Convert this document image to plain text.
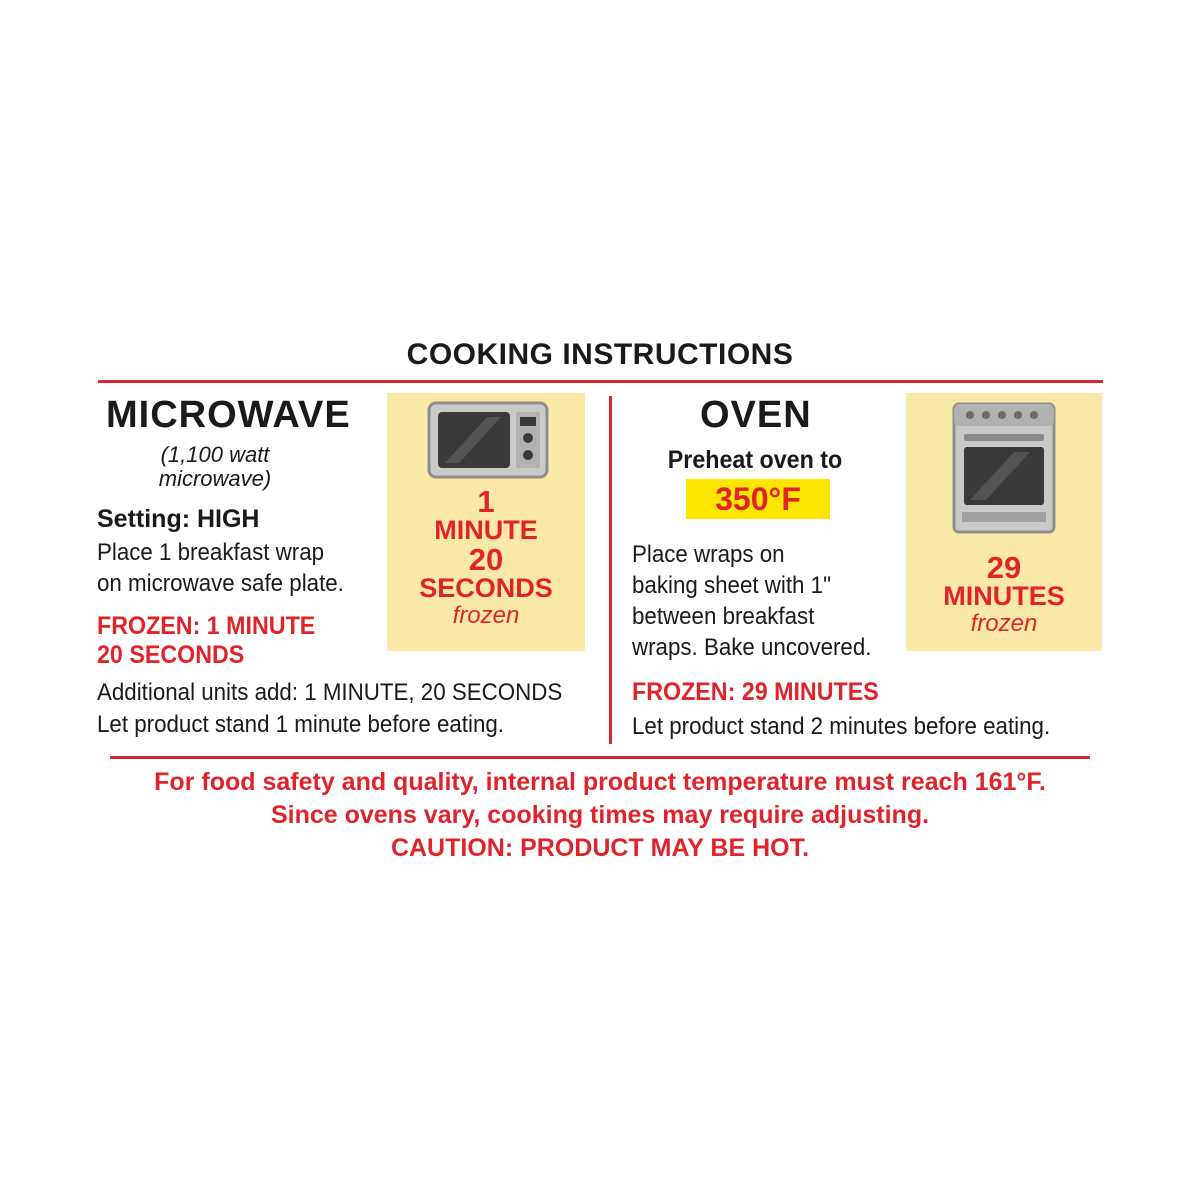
COOKING INSTRUCTIONS
MICROWAVE
(1,100 watt
microwave)
Setting: HIGH
Place 1 breakfast wrap
on microwave safe plate.
FROZEN: 1 MINUTE
20 SECONDS
Additional units add: 1 MINUTE, 20 SECONDS
Let product stand 1 minute before eating.
1
MINUTE
20
SECONDS
frozen
OVEN
Preheat oven to
350°F
Place wraps on
baking sheet with 1"
between breakfast
wraps. Bake uncovered.
FROZEN: 29 MINUTES
Let product stand 2 minutes before eating.
29
MINUTES
frozen
For food safety and quality, internal product temperature must reach 161°F.
Since ovens vary, cooking times may require adjusting.
CAUTION: PRODUCT MAY BE HOT.
